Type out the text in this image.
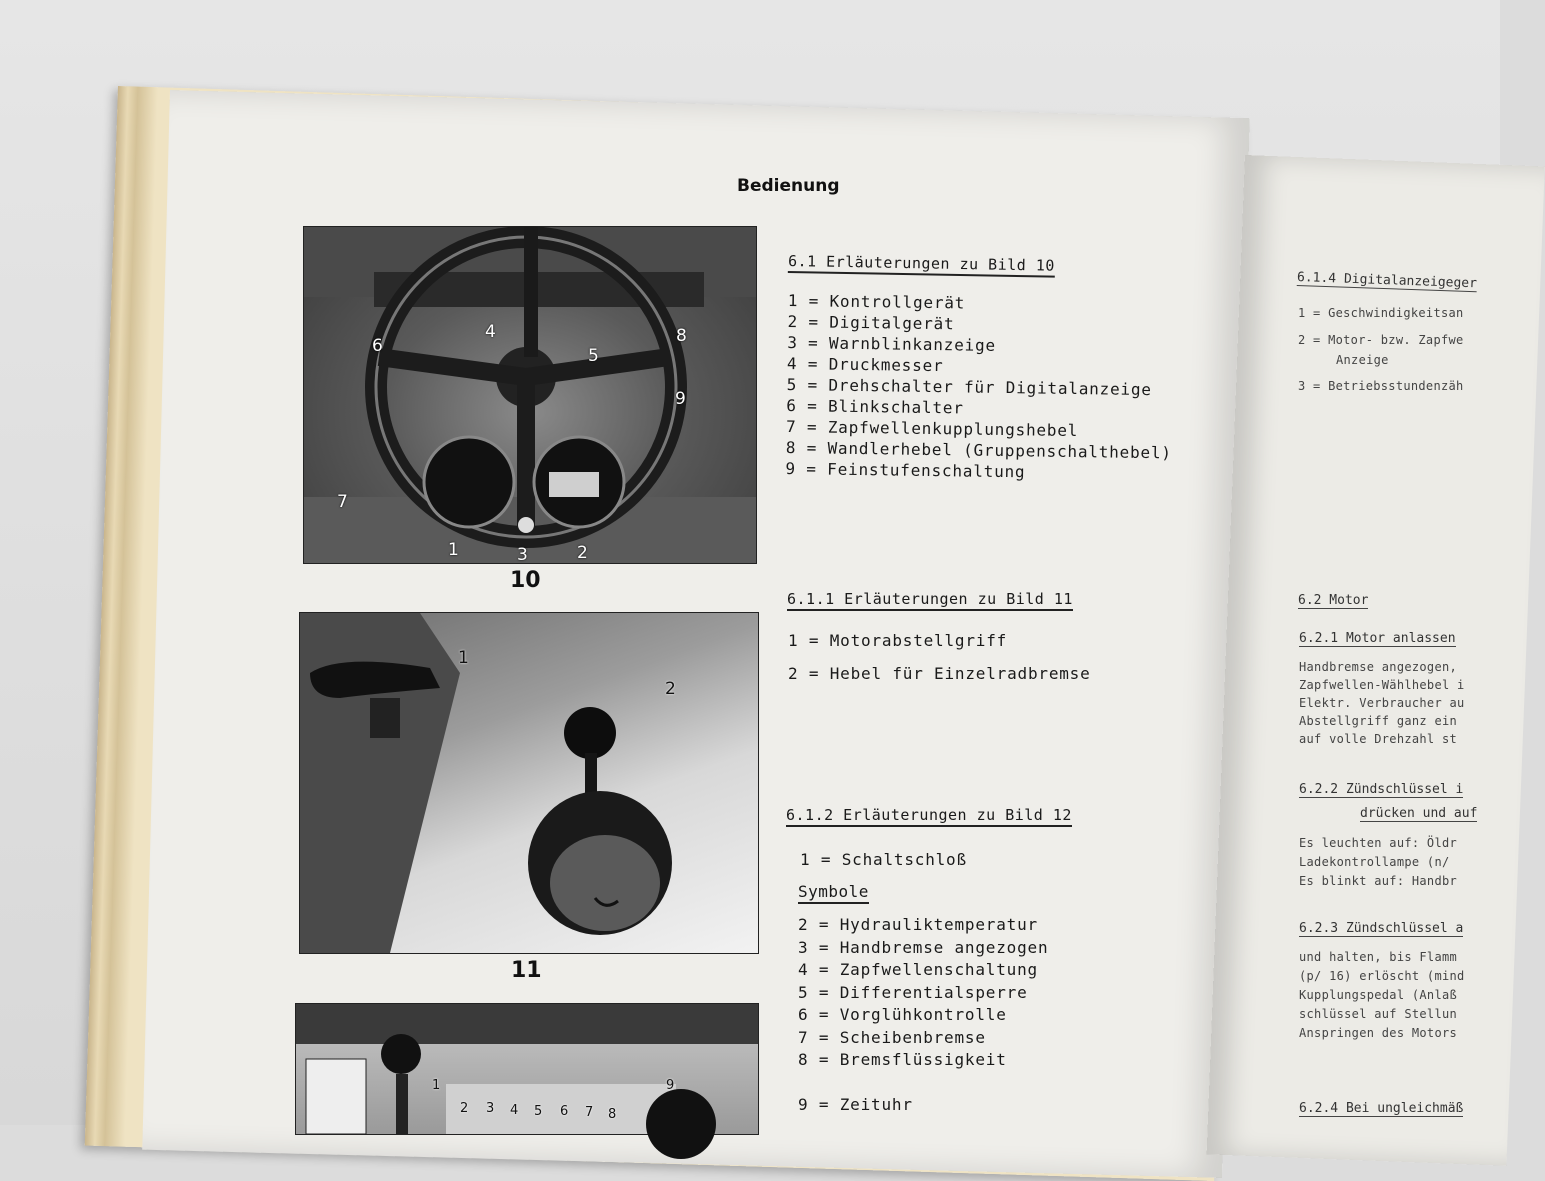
Bedienung
1	2
3
4
5
6
7
8
9
10
1
2
11
1
2 3 4 5 6 7 8
9
6.1 Erläuterungen zu Bild 10
1 = Kontrollgerät
2 = Digitalgerät
3 = Warnblinkanzeige
4 = Druckmesser
5 = Drehschalter für Digitalanzeige
6 = Blinkschalter
7 = Zapfwellenkupplungshebel
8 = Wandlerhebel (Gruppenschalthebel)
9 = Feinstufenschaltung
6.1.1 Erläuterungen zu Bild 11
1 = Motorabstellgriff
2 = Hebel für Einzelradbremse
6.1.2 Erläuterungen zu Bild 12
1 = Schaltschloß
Symbole
2 = Hydrauliktemperatur
3 = Handbremse angezogen
4 = Zapfwellenschaltung
5 = Differentialsperre
6 = Vorglühkontrolle
7 = Scheibenbremse
8 = Bremsflüssigkeit
9 = Zeituhr
6.1.4 Digitalanzeigeger
1 = Geschwindigkeitsan
2 = Motor- bzw. Zapfwe
Anzeige
3 = Betriebsstundenzäh
6.2 Motor
6.2.1 Motor anlassen
Handbremse angezogen,
Zapfwellen-Wählhebel i
Elektr. Verbraucher au
Abstellgriff ganz ein
auf volle Drehzahl st
6.2.2 Zündschlüssel i
drücken und auf
Es leuchten auf: Öldr
Ladekontrollampe (n/
Es blinkt auf: Handbr
6.2.3 Zündschlüssel a
und halten, bis Flamm
(p/ 16) erlöscht (mind
Kupplungspedal (Anlaß
schlüssel auf Stellun
Anspringen des Motors
6.2.4 Bei ungleichmäß
